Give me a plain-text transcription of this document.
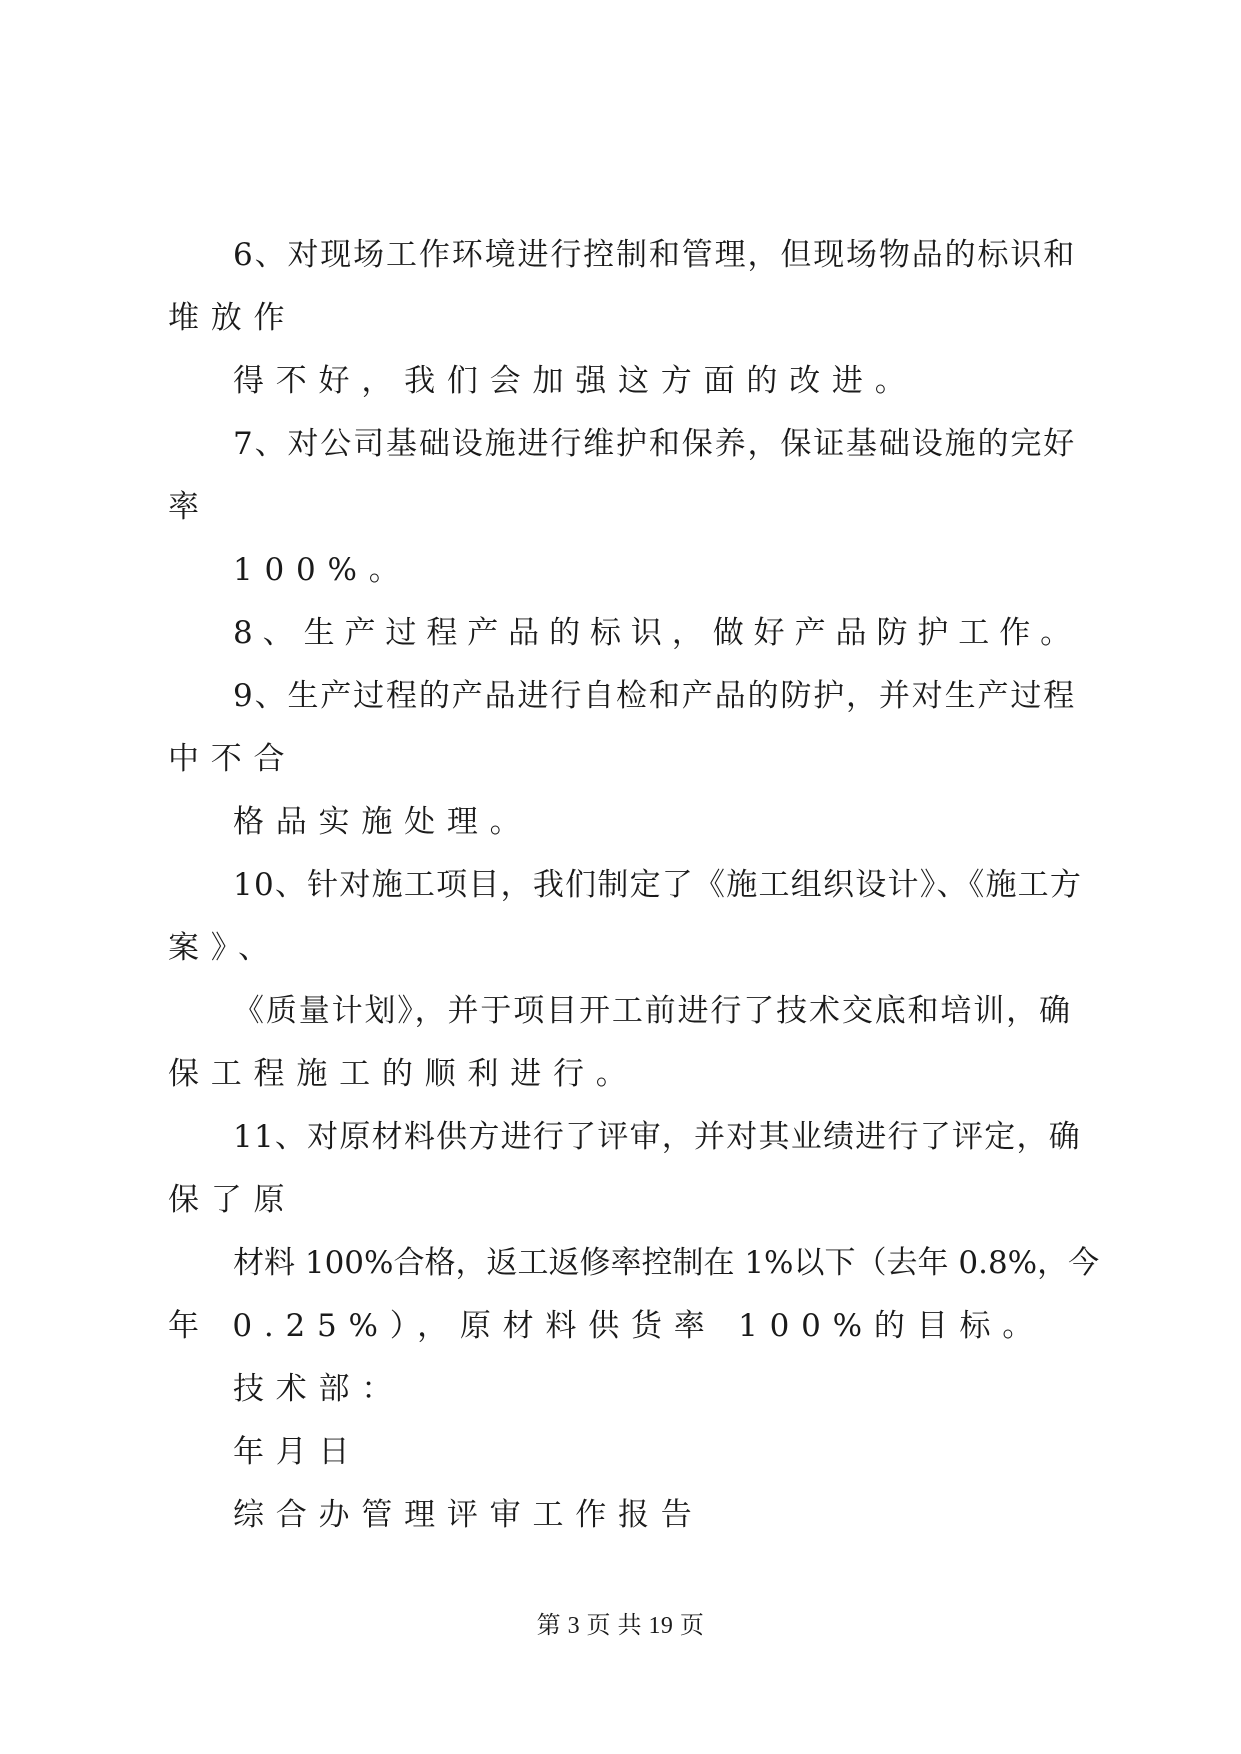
6、对现场工作环境进行控制和管理，但现场物品的标识和
堆放作
得不好，我们会加强这方面的改进。
7、对公司基础设施进行维护和保养，保证基础设施的完好
率
100%。
8、生产过程产品的标识，做好产品防护工作。
9、生产过程的产品进行自检和产品的防护，并对生产过程
中不合
格品实施处理。
10、针对施工项目，我们制定了《施工组织设计》、《施工方
案》、
《质量计划》，并于项目开工前进行了技术交底和培训，确
保工程施工的顺利进行。
11、对原材料供方进行了评审，并对其业绩进行了评定，确
保了原
材料 100%合格，返工返修率控制在 1%以下（去年 0.8%，今
年 0.25%），原材料供货率 100%的目标。
技术部：
年月日
综合办管理评审工作报告
第 3 页 共 19 页
